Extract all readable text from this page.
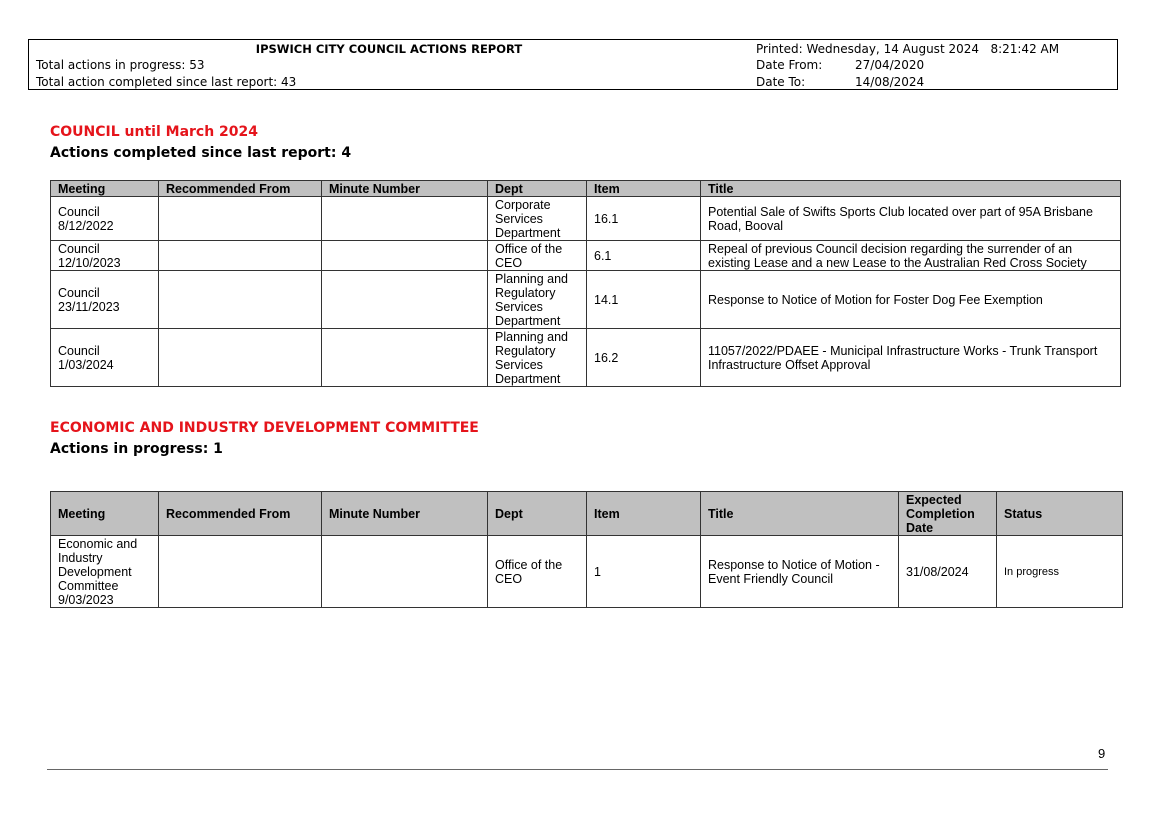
IPSWICH CITY COUNCIL ACTIONS REPORT
Total actions in progress: 53
Total action completed since last report: 43
Printed: Wednesday, 14 August 2024   8:21:42 AM
Date From:	27/04/2020
Date To:	14/08/2024
COUNCIL until March 2024
Actions completed since last report: 4
Meeting	Recommended From	Minute Number	Dept	Item	Title
Council
8/12/2022			Corporate Services Department	16.1	Potential Sale of Swifts Sports Club located over part of 95A Brisbane Road, Booval
Council
12/10/2023			Office of the CEO	6.1	Repeal of previous Council decision regarding the surrender of an existing Lease and a new Lease to the Australian Red Cross Society
Council
23/11/2023			Planning and Regulatory Services Department	14.1	Response to Notice of Motion for Foster Dog Fee Exemption
Council
1/03/2024			Planning and Regulatory Services Department	16.2	11057/2022/PDAEE - Municipal Infrastructure Works - Trunk Transport Infrastructure Offset Approval
ECONOMIC AND INDUSTRY DEVELOPMENT COMMITTEE
Actions in progress: 1
Meeting	Recommended From	Minute Number	Dept	Item	Title	Expected Completion Date	Status
Economic and Industry Development Committee 9/03/2023			Office of the CEO	1	Response to Notice of Motion - Event Friendly Council	31/08/2024	In progress
9
